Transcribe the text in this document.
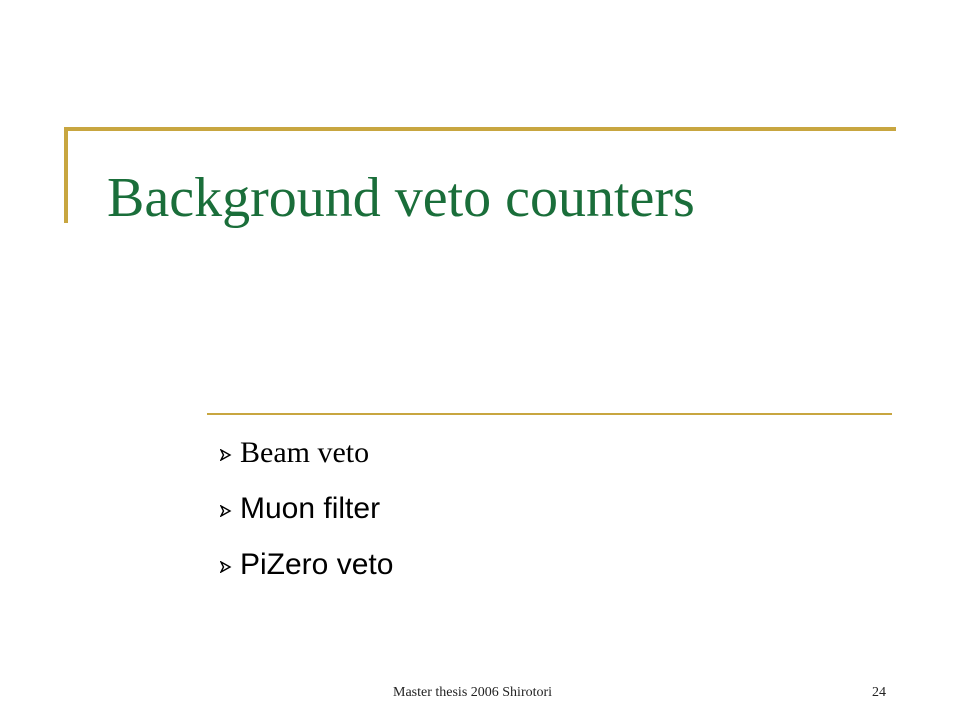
Background veto counters
Beam veto
Muon filter
PiZero veto
Master thesis 2006 Shirotori	24
